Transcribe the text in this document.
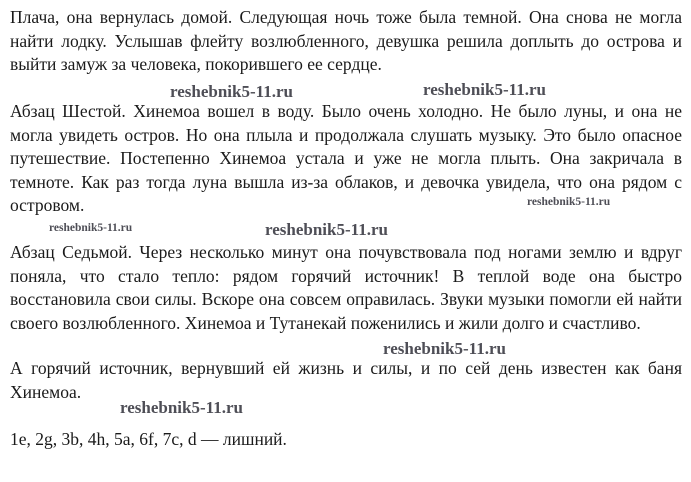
Плача, она вернулась домой. Следующая ночь тоже была темной. Она снова не могла найти лодку. Услышав флейту возлюбленного, девушка решила доплыть до острова и выйти замуж за человека, покорившего ее сердце.

Абзац Шестой. Хинемоа вошел в воду. Было очень холодно. Не было луны, и она не могла увидеть остров. Но она плыла и продолжала слушать музыку. Это было опасное путешествие. Постепенно Хинемоа устала и уже не могла плыть. Она закричала в темноте. Как раз тогда луна вышла из-за облаков, и девочка увидела, что она рядом с островом.

Абзац Седьмой. Через несколько минут она почувствовала под ногами землю и вдруг поняла, что стало тепло: рядом горячий источник! В теплой воде она быстро восстановила свои силы. Вскоре она совсем оправилась. Звуки музыки помогли ей найти своего возлюбленного. Хинемоа и Тутанекай поженились и жили долго и счастливо.

А горячий источник, вернувший ей жизнь и силы, и по сей день известен как баня Хинемоа.

1e, 2g, 3b, 4h, 5a, 6f, 7c, d — лишний.

reshebnik5-11.ru	reshebnik5-11.ru
reshebnik5-11.ru	reshebnik5-11.ru
reshebnik5-11.ru
reshebnik5-11.ru
reshebnik5-11.ru
